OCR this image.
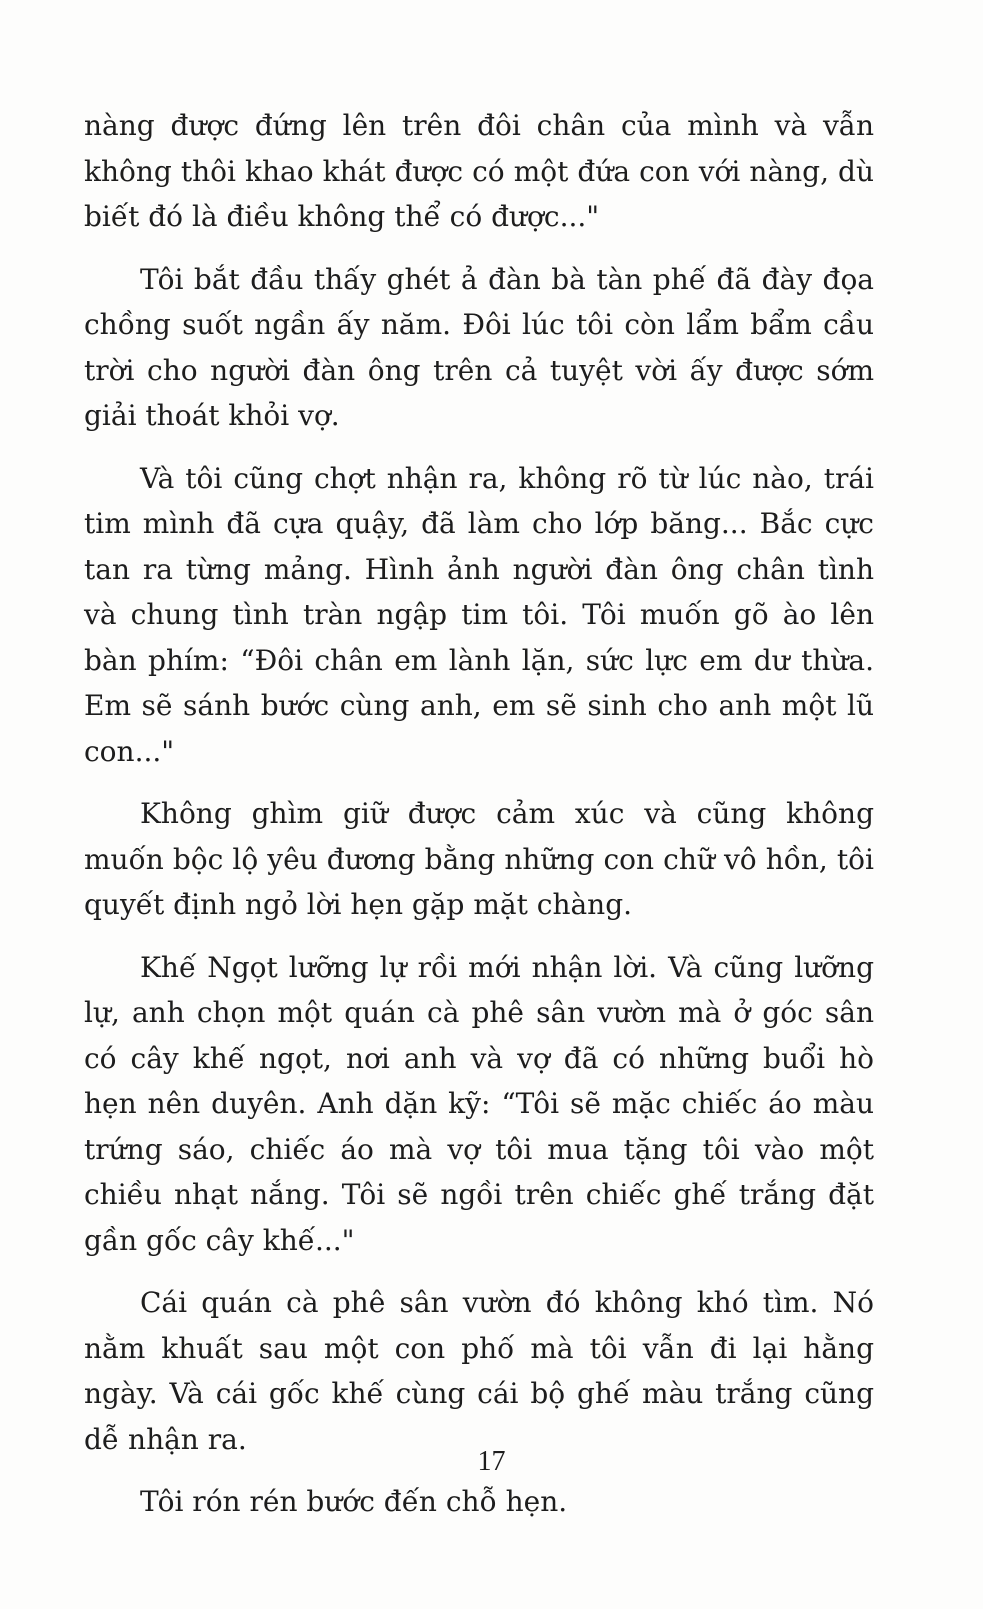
nàng được đứng lên trên đôi chân của mình và vẫn không thôi khao khát được có một đứa con với nàng, dù biết đó là điều không thể có được..."

Tôi bắt đầu thấy ghét ả đàn bà tàn phế đã đày đọa chồng suốt ngần ấy năm. Đôi lúc tôi còn lẩm bẩm cầu trời cho người đàn ông trên cả tuyệt vời ấy được sớm giải thoát khỏi vợ.

Và tôi cũng chợt nhận ra, không rõ từ lúc nào, trái tim mình đã cựa quậy, đã làm cho lớp băng... Bắc cực tan ra từng mảng. Hình ảnh người đàn ông chân tình và chung tình tràn ngập tim tôi. Tôi muốn gõ ào lên bàn phím: “Đôi chân em lành lặn, sức lực em dư thừa. Em sẽ sánh bước cùng anh, em sẽ sinh cho anh một lũ con..."

Không ghìm giữ được cảm xúc và cũng không muốn bộc lộ yêu đương bằng những con chữ vô hồn, tôi quyết định ngỏ lời hẹn gặp mặt chàng.

Khế Ngọt lưỡng lự rồi mới nhận lời. Và cũng lưỡng lự, anh chọn một quán cà phê sân vườn mà ở góc sân có cây khế ngọt, nơi anh và vợ đã có những buổi hò hẹn nên duyên. Anh dặn kỹ: “Tôi sẽ mặc chiếc áo màu trứng sáo, chiếc áo mà vợ tôi mua tặng tôi vào một chiều nhạt nắng. Tôi sẽ ngồi trên chiếc ghế trắng đặt gần gốc cây khế..."

Cái quán cà phê sân vườn đó không khó tìm. Nó nằm khuất sau một con phố mà tôi vẫn đi lại hằng ngày. Và cái gốc khế cùng cái bộ ghế màu trắng cũng dễ nhận ra.

Tôi rón rén bước đến chỗ hẹn.

17
